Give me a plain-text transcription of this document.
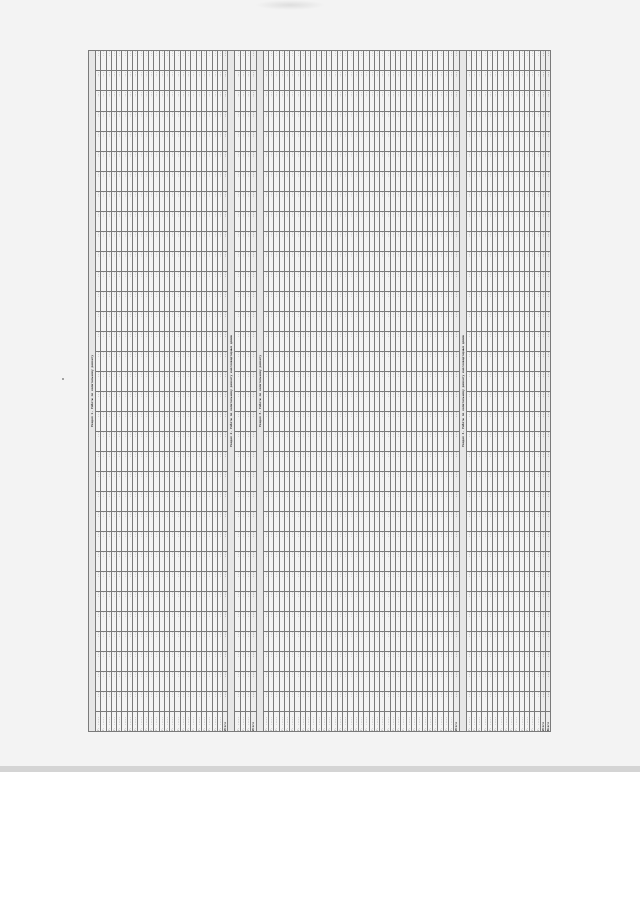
Раздел 1. Работы по капитальному ремонту																																	
г. ·····	···	···	···	···	···	···	···	···	···	···	···	···	···	···	···	···	···	···	···	···	···	···	···	···	···	···	···	···	···	···	···	···	···
г. ·····	···	···	···	···	···	···	···	···	···	···	···	···	···	···	···	···	···	···	···	···	···	···	···	···	···	···	···	···	···	···	···	···	···
г. ·····	···	···	···	···	···	···	···	···	···	···	···	···	···	···	···	···	···	···	···	···	···	···	···	···	···	···	···	···	···	···	···	···	···
г. ·····	···	···	···	···	···	···	···	···	···	···	···	···	···	···	···	···	···	···	···	···	···	···	···	···	···	···	···	···	···	···	···	···	···
г. ·····	···	···	···	···	···	···	···	···	···	···	···	···	···	···	···	···	···	···	···	···	···	···	···	···	···	···	···	···	···	···	···	···	···
г. ·····	···	···	···	···	···	···	···	···	···	···	···	···	···	···	···	···	···	···	···	···	···	···	···	···	···	···	···	···	···	···	···	···	···
г. ·····	···	···	···	···	···	···	···	···	···	···	···	···	···	···	···	···	···	···	···	···	···	···	···	···	···	···	···	···	···	···	···	···	···
г. ·····	···	···	···	···	···	···	···	···	···	···	···	···	···	···	···	···	···	···	···	···	···	···	···	···	···	···	···	···	···	···	···	···	···
г. ·····	···	···	···	···	···	···	···	···	···	···	···	···	···	···	···	···	···	···	···	···	···	···	···	···	···	···	···	···	···	···	···	···	···
г. ·····	···	···	···	···	···	···	···	···	···	···	···	···	···	···	···	···	···	···	···	···	···	···	···	···	···	···	···	···	···	···	···	···	···
г. ·····	···	···	···	···	···	···	···	···	···	···	···	···	···	···	···	···	···	···	···	···	···	···	···	···	···	···	···	···	···	···	···	···	···
г. ·····	···	···	···	···	···	···	···	···	···	···	···	···	···	···	···	···	···	···	···	···	···	···	···	···	···	···	···	···	···	···	···	···	···
г. ·····	···	···	···	···	···	···	···	···	···	···	···	···	···	···	···	···	···	···	···	···	···	···	···	···	···	···	···	···	···	···	···	···	···
г. ·····	···	···	···	···	···	···	···	···	···	···	···	···	···	···	···	···	···	···	···	···	···	···	···	···	···	···	···	···	···	···	···	···	···
г. ·····	···	···	···	···	···	···	···	···	···	···	···	···	···	···	···	···	···	···	···	···	···	···	···	···	···	···	···	···	···	···	···	···	···
г. ·····	···	···	···	···	···	···	···	···	···	···	···	···	···	···	···	···	···	···	···	···	···	···	···	···	···	···	···	···	···	···	···	···	···
г. ·····	···	···	···	···	···	···	···	···	···	···	···	···	···	···	···	···	···	···	···	···	···	···	···	···	···	···	···	···	···	···	···	···	···
г. ·····	···	···	···	···	···	···	···	···	···	···	···	···	···	···	···	···	···	···	···	···	···	···	···	···	···	···	···	···	···	···	···	···	···
г. ·····	···	···	···	···	···	···	···	···	···	···	···	···	···	···	···	···	···	···	···	···	···	···	···	···	···	···	···	···	···	···	···	···	···
г. ·····	···	···	···	···	···	···	···	···	···	···	···	···	···	···	···	···	···	···	···	···	···	···	···	···	···	···	···	···	···	···	···	···	···
г. ·····	···	···	···	···	···	···	···	···	···	···	···	···	···	···	···	···	···	···	···	···	···	···	···	···	···	···	···	···	···	···	···	···	···
г. ·····	···	···	···	···	···	···	···	···	···	···	···	···	···	···	···	···	···	···	···	···	···	···	···	···	···	···	···	···	···	···	···	···	···
г. ·····	···	···	···	···	···	···	···	···	···	···	···	···	···	···	···	···	···	···	···	···	···	···	···	···	···	···	···	···	···	···	···	···	···
г. ·····	···	···	···	···	···	···	···	···	···	···	···	···	···	···	···	···	···	···	···	···	···	···	···	···	···	···	···	···	···	···	···	···	···
Итого	···	···	···	···	···	···	···	···	···	···	···	···	···	···	···	···	···	···	···	···	···	···	···	···	···	···	···	···	···	···	···	···	···
Раздел 2. Работы по капитальному ремонту многоквартирных домов																																	
г. ·····	···	···	···	···	···	···	···	···	···	···	···	···	···	···	···	···	···	···	···	···	···	···	···	···	···	···	···	···	···	···	···	···	···
г. ·····	···	···	···	···	···	···	···	···	···	···	···	···	···	···	···	···	···	···	···	···	···	···	···	···	···	···	···	···	···	···	···	···	···
г. ·····	···	···	···	···	···	···	···	···	···	···	···	···	···	···	···	···	···	···	···	···	···	···	···	···	···	···	···	···	···	···	···	···	···
Итого	···	···	···	···	···	···	···	···	···	···	···	···	···	···	···	···	···	···	···	···	···	···	···	···	···	···	···	···	···	···	···	···	···
Раздел 3. Работы по капитальному ремонту																																	
г. ·····	···	···	···	···	···	···	···	···	···	···	···	···	···	···	···	···	···	···	···	···	···	···	···	···	···	···	···	···	···	···	···	···	···
г. ·····	···	···	···	···	···	···	···	···	···	···	···	···	···	···	···	···	···	···	···	···	···	···	···	···	···	···	···	···	···	···	···	···	···
г. ·····	···	···	···	···	···	···	···	···	···	···	···	···	···	···	···	···	···	···	···	···	···	···	···	···	···	···	···	···	···	···	···	···	···
г. ·····	···	···	···	···	···	···	···	···	···	···	···	···	···	···	···	···	···	···	···	···	···	···	···	···	···	···	···	···	···	···	···	···	···
г. ·····	···	···	···	···	···	···	···	···	···	···	···	···	···	···	···	···	···	···	···	···	···	···	···	···	···	···	···	···	···	···	···	···	···
г. ·····	···	···	···	···	···	···	···	···	···	···	···	···	···	···	···	···	···	···	···	···	···	···	···	···	···	···	···	···	···	···	···	···	···
г. ·····	···	···	···	···	···	···	···	···	···	···	···	···	···	···	···	···	···	···	···	···	···	···	···	···	···	···	···	···	···	···	···	···	···
г. ·····	···	···	···	···	···	···	···	···	···	···	···	···	···	···	···	···	···	···	···	···	···	···	···	···	···	···	···	···	···	···	···	···	···
г. ·····	···	···	···	···	···	···	···	···	···	···	···	···	···	···	···	···	···	···	···	···	···	···	···	···	···	···	···	···	···	···	···	···	···
г. ·····	···	···	···	···	···	···	···	···	···	···	···	···	···	···	···	···	···	···	···	···	···	···	···	···	···	···	···	···	···	···	···	···	···
г. ·····	···	···	···	···	···	···	···	···	···	···	···	···	···	···	···	···	···	···	···	···	···	···	···	···	···	···	···	···	···	···	···	···	···
г. ·····	···	···	···	···	···	···	···	···	···	···	···	···	···	···	···	···	···	···	···	···	···	···	···	···	···	···	···	···	···	···	···	···	···
г. ·····	···	···	···	···	···	···	···	···	···	···	···	···	···	···	···	···	···	···	···	···	···	···	···	···	···	···	···	···	···	···	···	···	···
г. ·····	···	···	···	···	···	···	···	···	···	···	···	···	···	···	···	···	···	···	···	···	···	···	···	···	···	···	···	···	···	···	···	···	···
г. ·····	···	···	···	···	···	···	···	···	···	···	···	···	···	···	···	···	···	···	···	···	···	···	···	···	···	···	···	···	···	···	···	···	···
г. ·····	···	···	···	···	···	···	···	···	···	···	···	···	···	···	···	···	···	···	···	···	···	···	···	···	···	···	···	···	···	···	···	···	···
г. ·····	···	···	···	···	···	···	···	···	···	···	···	···	···	···	···	···	···	···	···	···	···	···	···	···	···	···	···	···	···	···	···	···	···
г. ·····	···	···	···	···	···	···	···	···	···	···	···	···	···	···	···	···	···	···	···	···	···	···	···	···	···	···	···	···	···	···	···	···	···
г. ·····	···	···	···	···	···	···	···	···	···	···	···	···	···	···	···	···	···	···	···	···	···	···	···	···	···	···	···	···	···	···	···	···	···
г. ·····	···	···	···	···	···	···	···	···	···	···	···	···	···	···	···	···	···	···	···	···	···	···	···	···	···	···	···	···	···	···	···	···	···
г. ·····	···	···	···	···	···	···	···	···	···	···	···	···	···	···	···	···	···	···	···	···	···	···	···	···	···	···	···	···	···	···	···	···	···
г. ·····	···	···	···	···	···	···	···	···	···	···	···	···	···	···	···	···	···	···	···	···	···	···	···	···	···	···	···	···	···	···	···	···	···
г. ·····	···	···	···	···	···	···	···	···	···	···	···	···	···	···	···	···	···	···	···	···	···	···	···	···	···	···	···	···	···	···	···	···	···
г. ·····	···	···	···	···	···	···	···	···	···	···	···	···	···	···	···	···	···	···	···	···	···	···	···	···	···	···	···	···	···	···	···	···	···
г. ·····	···	···	···	···	···	···	···	···	···	···	···	···	···	···	···	···	···	···	···	···	···	···	···	···	···	···	···	···	···	···	···	···	···
г. ·····	···	···	···	···	···	···	···	···	···	···	···	···	···	···	···	···	···	···	···	···	···	···	···	···	···	···	···	···	···	···	···	···	···
г. ·····	···	···	···	···	···	···	···	···	···	···	···	···	···	···	···	···	···	···	···	···	···	···	···	···	···	···	···	···	···	···	···	···	···
г. ·····	···	···	···	···	···	···	···	···	···	···	···	···	···	···	···	···	···	···	···	···	···	···	···	···	···	···	···	···	···	···	···	···	···
г. ·····	···	···	···	···	···	···	···	···	···	···	···	···	···	···	···	···	···	···	···	···	···	···	···	···	···	···	···	···	···	···	···	···	···
г. ·····	···	···	···	···	···	···	···	···	···	···	···	···	···	···	···	···	···	···	···	···	···	···	···	···	···	···	···	···	···	···	···	···	···
г. ·····	···	···	···	···	···	···	···	···	···	···	···	···	···	···	···	···	···	···	···	···	···	···	···	···	···	···	···	···	···	···	···	···	···
г. ·····	···	···	···	···	···	···	···	···	···	···	···	···	···	···	···	···	···	···	···	···	···	···	···	···	···	···	···	···	···	···	···	···	···
г. ·····	···	···	···	···	···	···	···	···	···	···	···	···	···	···	···	···	···	···	···	···	···	···	···	···	···	···	···	···	···	···	···	···	···
г. ·····	···	···	···	···	···	···	···	···	···	···	···	···	···	···	···	···	···	···	···	···	···	···	···	···	···	···	···	···	···	···	···	···	···
г. ·····	···	···	···	···	···	···	···	···	···	···	···	···	···	···	···	···	···	···	···	···	···	···	···	···	···	···	···	···	···	···	···	···	···
г. ·····	···	···	···	···	···	···	···	···	···	···	···	···	···	···	···	···	···	···	···	···	···	···	···	···	···	···	···	···	···	···	···	···	···
Итого	···	···	···	···	···	···	···	···	···	···	···	···	···	···	···	···	···	···	···	···	···	···	···	···	···	···	···	···	···	···	···	···	···
Раздел 4. Работы по капитальному ремонту многоквартирных домов																																	
г. ·····	···	···	···	···	···	···	···	···	···	···	···	···	···	···	···	···	···	···	···	···	···	···	···	···	···	···	···	···	···	···	···	···	···
г. ·····	···	···	···	···	···	···	···	···	···	···	···	···	···	···	···	···	···	···	···	···	···	···	···	···	···	···	···	···	···	···	···	···	···
г. ·····	···	···	···	···	···	···	···	···	···	···	···	···	···	···	···	···	···	···	···	···	···	···	···	···	···	···	···	···	···	···	···	···	···
г. ·····	···	···	···	···	···	···	···	···	···	···	···	···	···	···	···	···	···	···	···	···	···	···	···	···	···	···	···	···	···	···	···	···	···
г. ·····	···	···	···	···	···	···	···	···	···	···	···	···	···	···	···	···	···	···	···	···	···	···	···	···	···	···	···	···	···	···	···	···	···
г. ·····	···	···	···	···	···	···	···	···	···	···	···	···	···	···	···	···	···	···	···	···	···	···	···	···	···	···	···	···	···	···	···	···	···
г. ·····	···	···	···	···	···	···	···	···	···	···	···	···	···	···	···	···	···	···	···	···	···	···	···	···	···	···	···	···	···	···	···	···	···
г. ·····	···	···	···	···	···	···	···	···	···	···	···	···	···	···	···	···	···	···	···	···	···	···	···	···	···	···	···	···	···	···	···	···	···
г. ·····	···	···	···	···	···	···	···	···	···	···	···	···	···	···	···	···	···	···	···	···	···	···	···	···	···	···	···	···	···	···	···	···	···
г. ·····	···	···	···	···	···	···	···	···	···	···	···	···	···	···	···	···	···	···	···	···	···	···	···	···	···	···	···	···	···	···	···	···	···
г. ·····	···	···	···	···	···	···	···	···	···	···	···	···	···	···	···	···	···	···	···	···	···	···	···	···	···	···	···	···	···	···	···	···	···
г. ·····	···	···	···	···	···	···	···	···	···	···	···	···	···	···	···	···	···	···	···	···	···	···	···	···	···	···	···	···	···	···	···	···	···
г. ·····	···	···	···	···	···	···	···	···	···	···	···	···	···	···	···	···	···	···	···	···	···	···	···	···	···	···	···	···	···	···	···	···	···
г. ·····	···	···	···	···	···	···	···	···	···	···	···	···	···	···	···	···	···	···	···	···	···	···	···	···	···	···	···	···	···	···	···	···	···
Итого	···	···	···	···	···	···	···	···	···	···	···	···	···	···	···	···	···	···	···	···	···	···	···	···	···	···	···	···	···	···	···	···	···
Всего	···	···	···	···	···	···	···	···	···	···	···	···	···	···	···	···	···	···	···	···	···	···	···	···	···	···	···	···	···	···	···	···	···
